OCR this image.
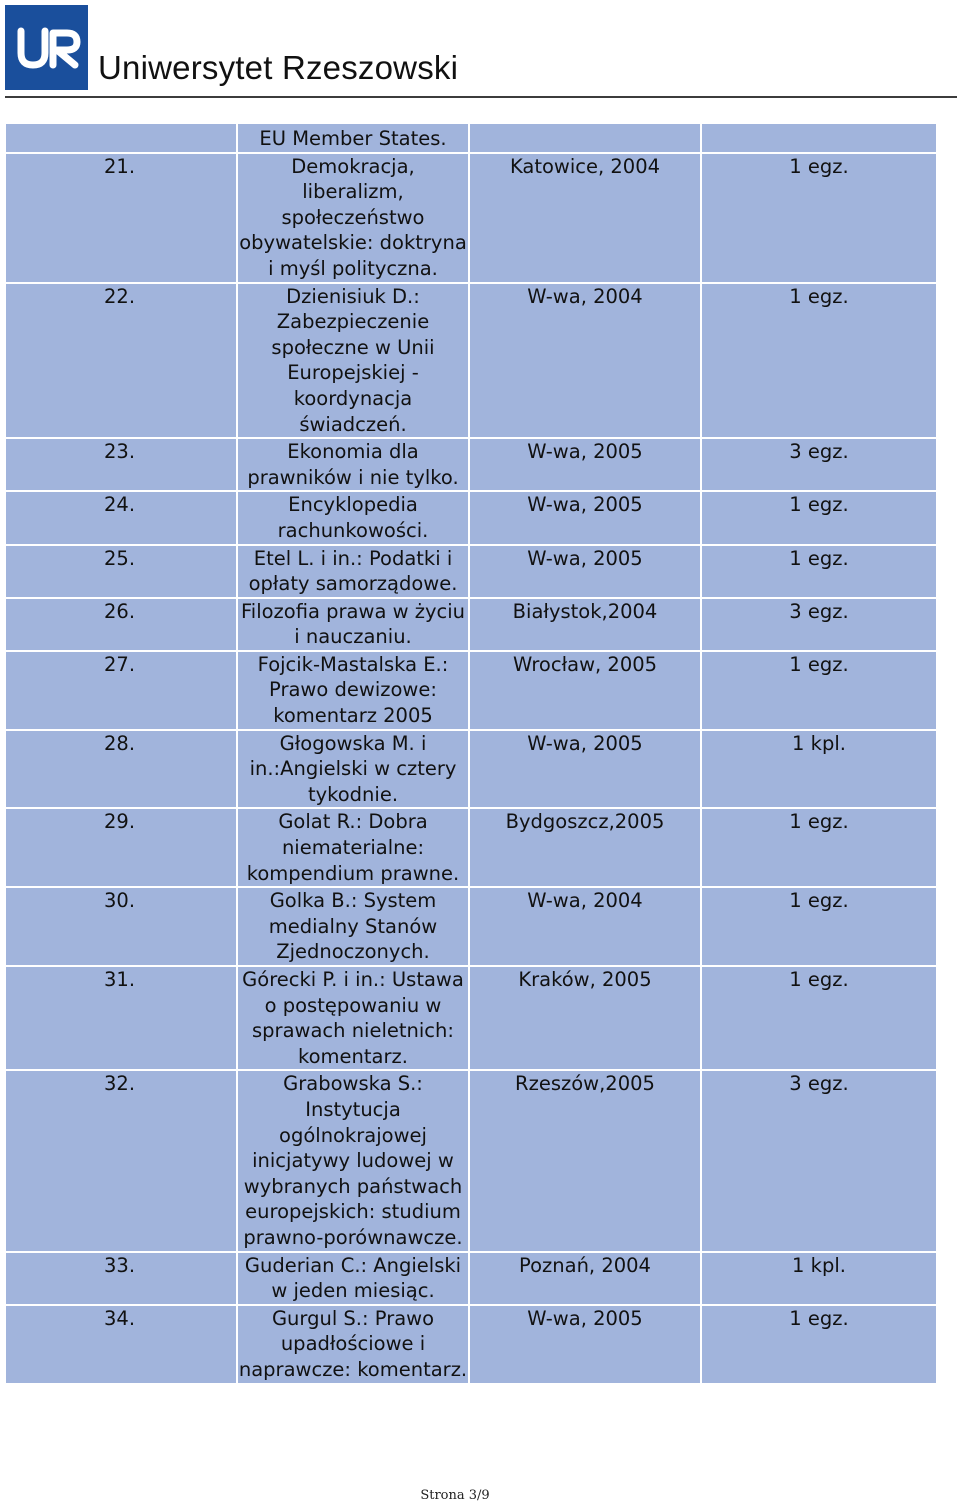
Uniwersytet Rzeszowski
	EU Member States.		

21.	Demokracja, liberalizm, społeczeństwo obywatelskie: doktryna i myśl polityczna.	Katowice, 2004	1 egz.

22.	Dzienisiuk D.: Zabezpieczenie społeczne w Unii Europejskiej - koordynacja świadczeń.	W-wa, 2004	1 egz.

23.	Ekonomia dla prawników i nie tylko.	W-wa, 2005	3 egz.

24.	Encyklopedia rachunkowości.	W-wa, 2005	1 egz.

25.	Etel L. i in.: Podatki i opłaty samorządowe.	W-wa, 2005	1 egz.

26.	Filozofia prawa w życiu i nauczaniu.	Białystok,2004	3 egz.

27.	Fojcik-Mastalska E.: Prawo dewizowe: komentarz 2005	Wrocław, 2005	1 egz.

28.	Głogowska M. i in.:Angielski w cztery tykodnie.	W-wa, 2005	1 kpl.

29.	Golat R.: Dobra niematerialne: kompendium prawne.	Bydgoszcz,2005	1 egz.

30.	Golka B.: System medialny Stanów Zjednoczonych.	W-wa, 2004	1 egz.

31.	Górecki P. i in.: Ustawa o postępowaniu w sprawach nieletnich: komentarz.	Kraków, 2005	1 egz.

32.	Grabowska S.: Instytucja ogólnokrajowej inicjatywy ludowej w wybranych państwach europejskich: studium prawno-porównawcze.	Rzeszów,2005	3 egz.

33.	Guderian C.: Angielski w jeden miesiąc.	Poznań, 2004	1 kpl.

34.	Gurgul S.: Prawo upadłościowe i naprawcze: komentarz.	W-wa, 2005	1 egz.
Strona 3/9
